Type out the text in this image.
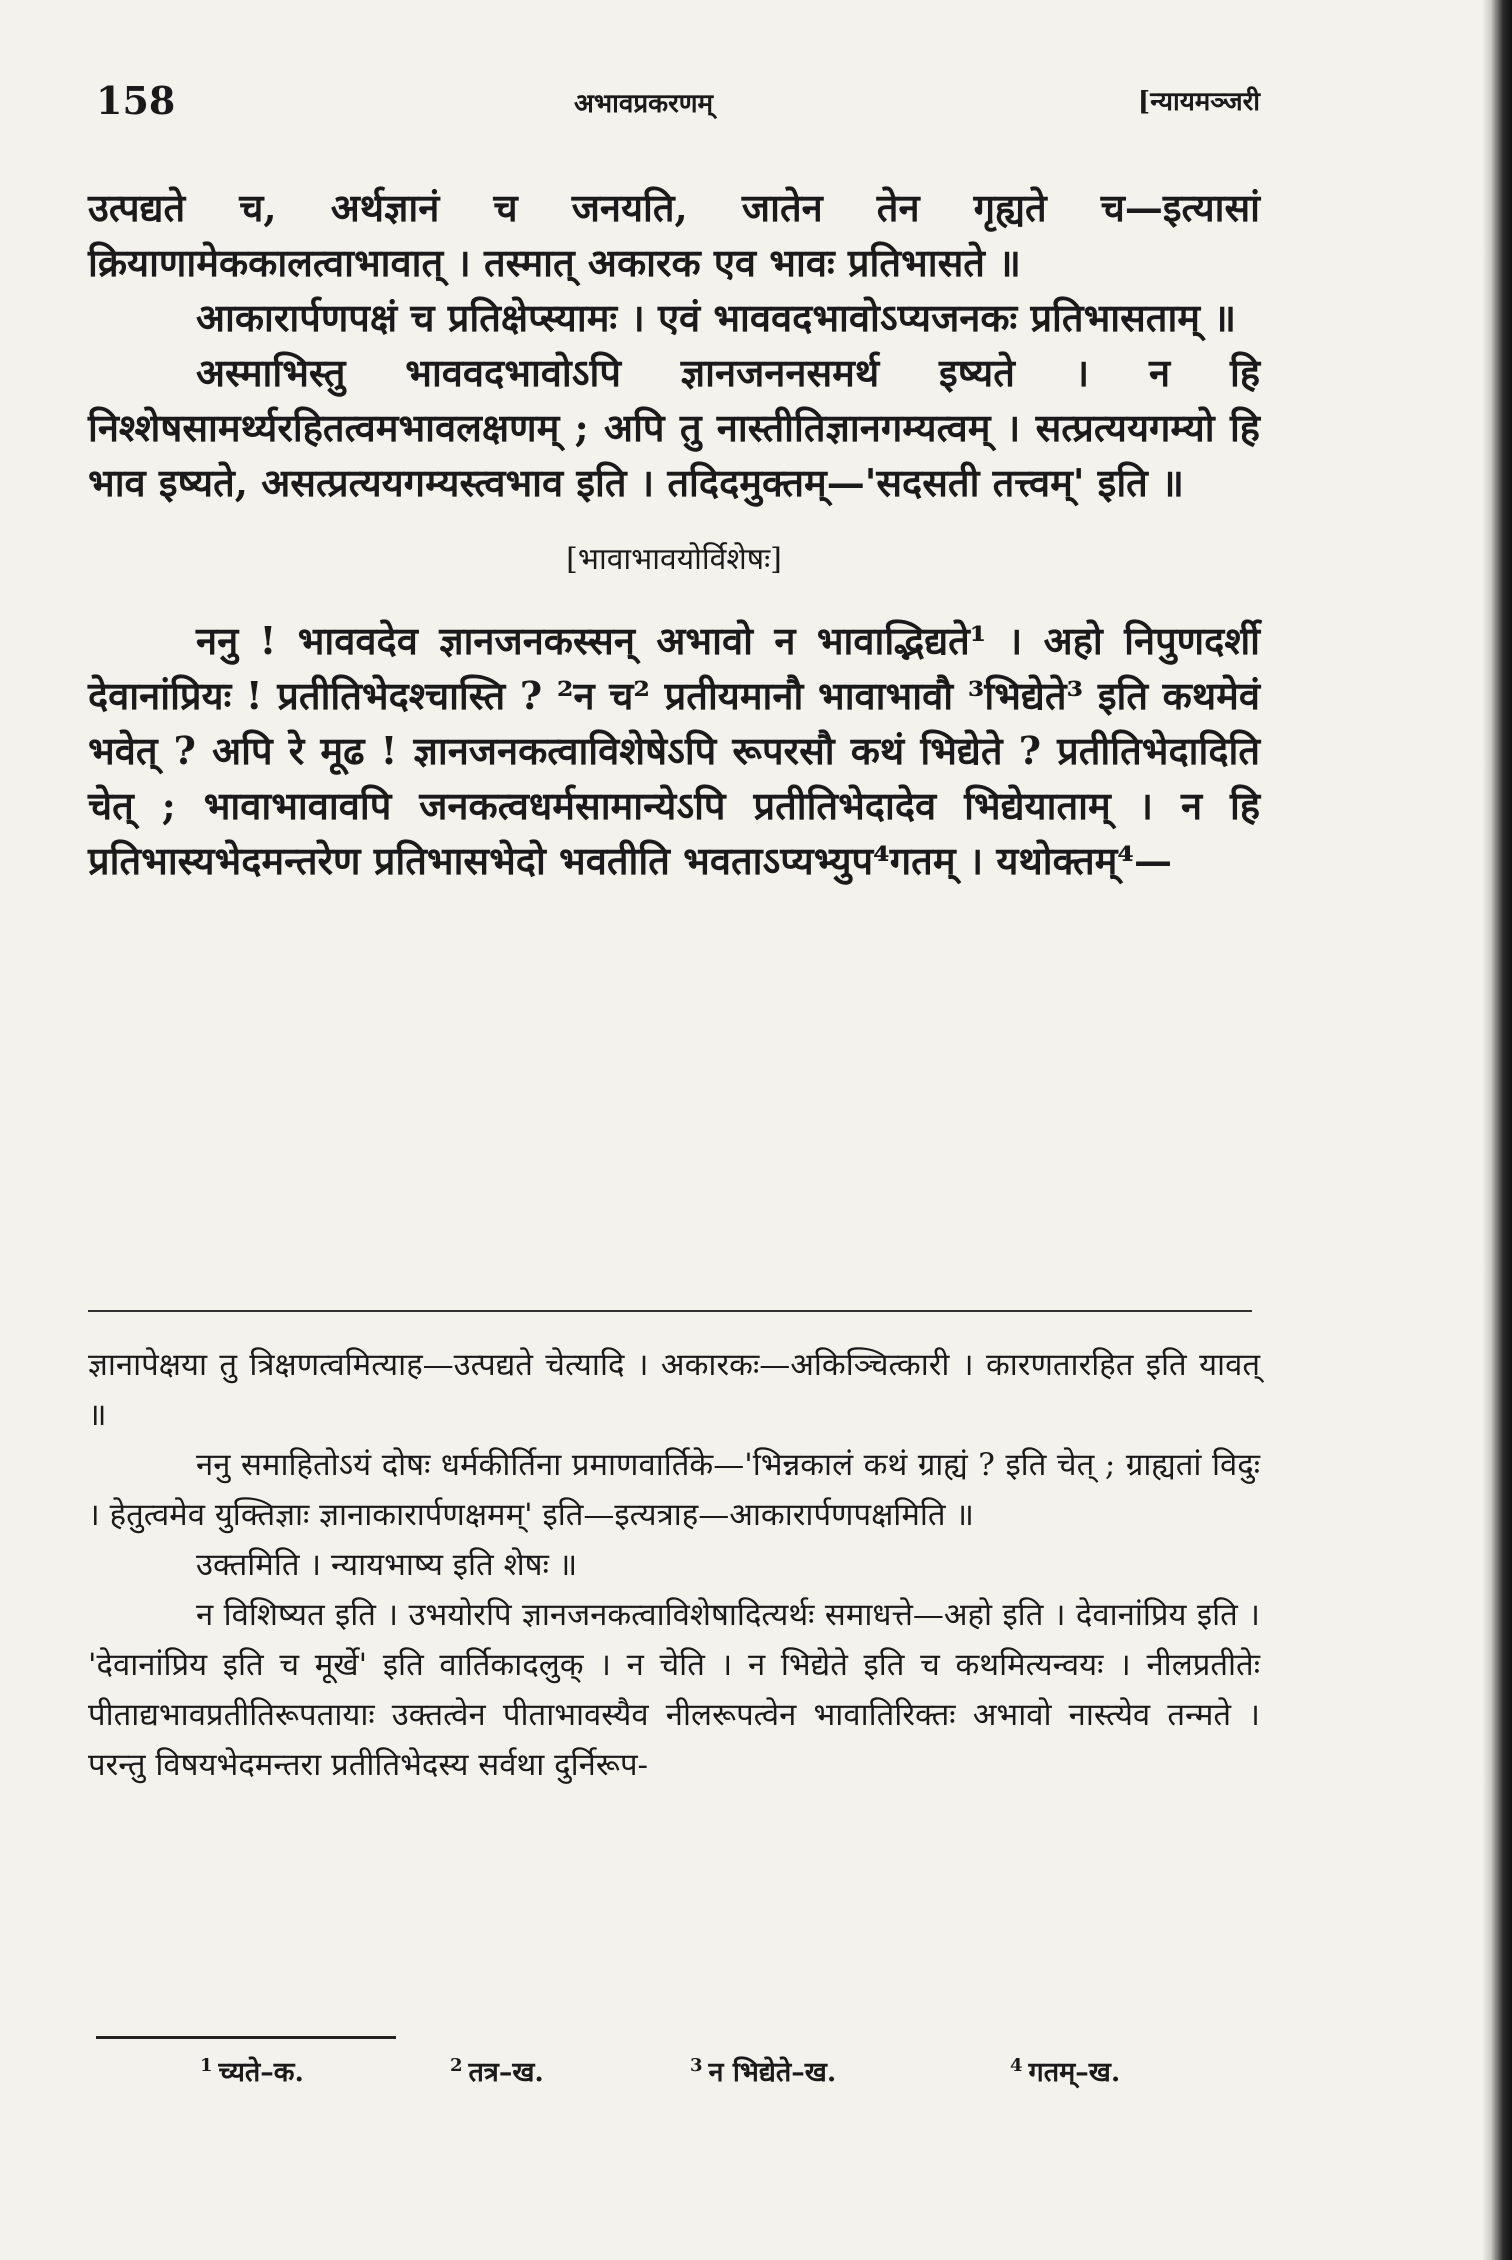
158	अभावप्रकरणम्	[न्यायमञ्जरी

उत्पद्यते च, अर्थज्ञानं च जनयति, जातेन तेन गृह्यते च—इत्यासां क्रियाणामेककालत्वाभावात् । तस्मात् अकारक एव भावः प्रतिभासते ॥

आकारार्पणपक्षं च प्रतिक्षेप्स्यामः । एवं भाववदभावोऽप्यजनकः प्रतिभासताम् ॥

अस्माभिस्तु भाववदभावोऽपि ज्ञानजननसमर्थ इष्यते । न हि निश्शेषसामर्थ्यरहितत्वमभावलक्षणम् ; अपि तु नास्तीतिज्ञानगम्यत्वम् । सत्प्रत्ययगम्यो हि भाव इष्यते, असत्प्रत्ययगम्यस्त्वभाव इति । तदिदमुक्तम्—'सदसती तत्त्वम्' इति ॥

[भावाभावयोर्विशेषः]

ननु ! भाववदेव ज्ञानजनकस्सन् अभावो न भावाद्भिद्यते¹ । अहो निपुणदर्शी देवानांप्रियः ! प्रतीतिभेदश्चास्ति ? ²न च² प्रतीयमानौ भावाभावौ ³भिद्येते³ इति कथमेवं भवेत् ? अपि रे मूढ ! ज्ञानजनकत्वाविशेषेऽपि रूपरसौ कथं भिद्येते ? प्रतीतिभेदादिति चेत् ; भावाभावावपि जनकत्वधर्मसामान्येऽपि प्रतीतिभेदादेव भिद्येयाताम् । न हि प्रतिभास्यभेदमन्तरेण प्रतिभासभेदो भवतीति भवताऽप्यभ्युप⁴गतम् । यथोक्तम्⁴—

ज्ञानापेक्षया तु त्रिक्षणत्वमित्याह—उत्पद्यते चेत्यादि । अकारकः—अकिञ्चित्कारी । कारणतारहित इति यावत् ॥

ननु समाहितोऽयं दोषः धर्मकीर्तिना प्रमाणवार्तिके—'भिन्नकालं कथं ग्राह्यं ? इति चेत् ; ग्राह्यतां विदुः । हेतुत्वमेव युक्तिज्ञाः ज्ञानाकारार्पणक्षमम्' इति—इत्यत्राह—आकारार्पणपक्षमिति ॥

उक्तमिति । न्यायभाष्य इति शेषः ॥

न विशिष्यत इति । उभयोरपि ज्ञानजनकत्वाविशेषादित्यर्थः समाधत्ते—अहो इति । देवानांप्रिय इति । 'देवानांप्रिय इति च मूर्खे' इति वार्तिकादलुक् । न चेति । न भिद्येते इति च कथमित्यन्वयः । नीलप्रतीतेः पीताद्यभावप्रतीतिरूपतायाः उक्तत्वेन पीताभावस्यैव नीलरूपत्वेन भावातिरिक्तः अभावो नास्त्येव तन्मते । परन्तु विषयभेदमन्तरा प्रतीतिभेदस्य सर्वथा दुर्निरूप-

$^1$ च्यते–क.	$^2$ तत्र–ख.	$^3$ न भिद्येते–ख.	$^4$ गतम्–ख.
